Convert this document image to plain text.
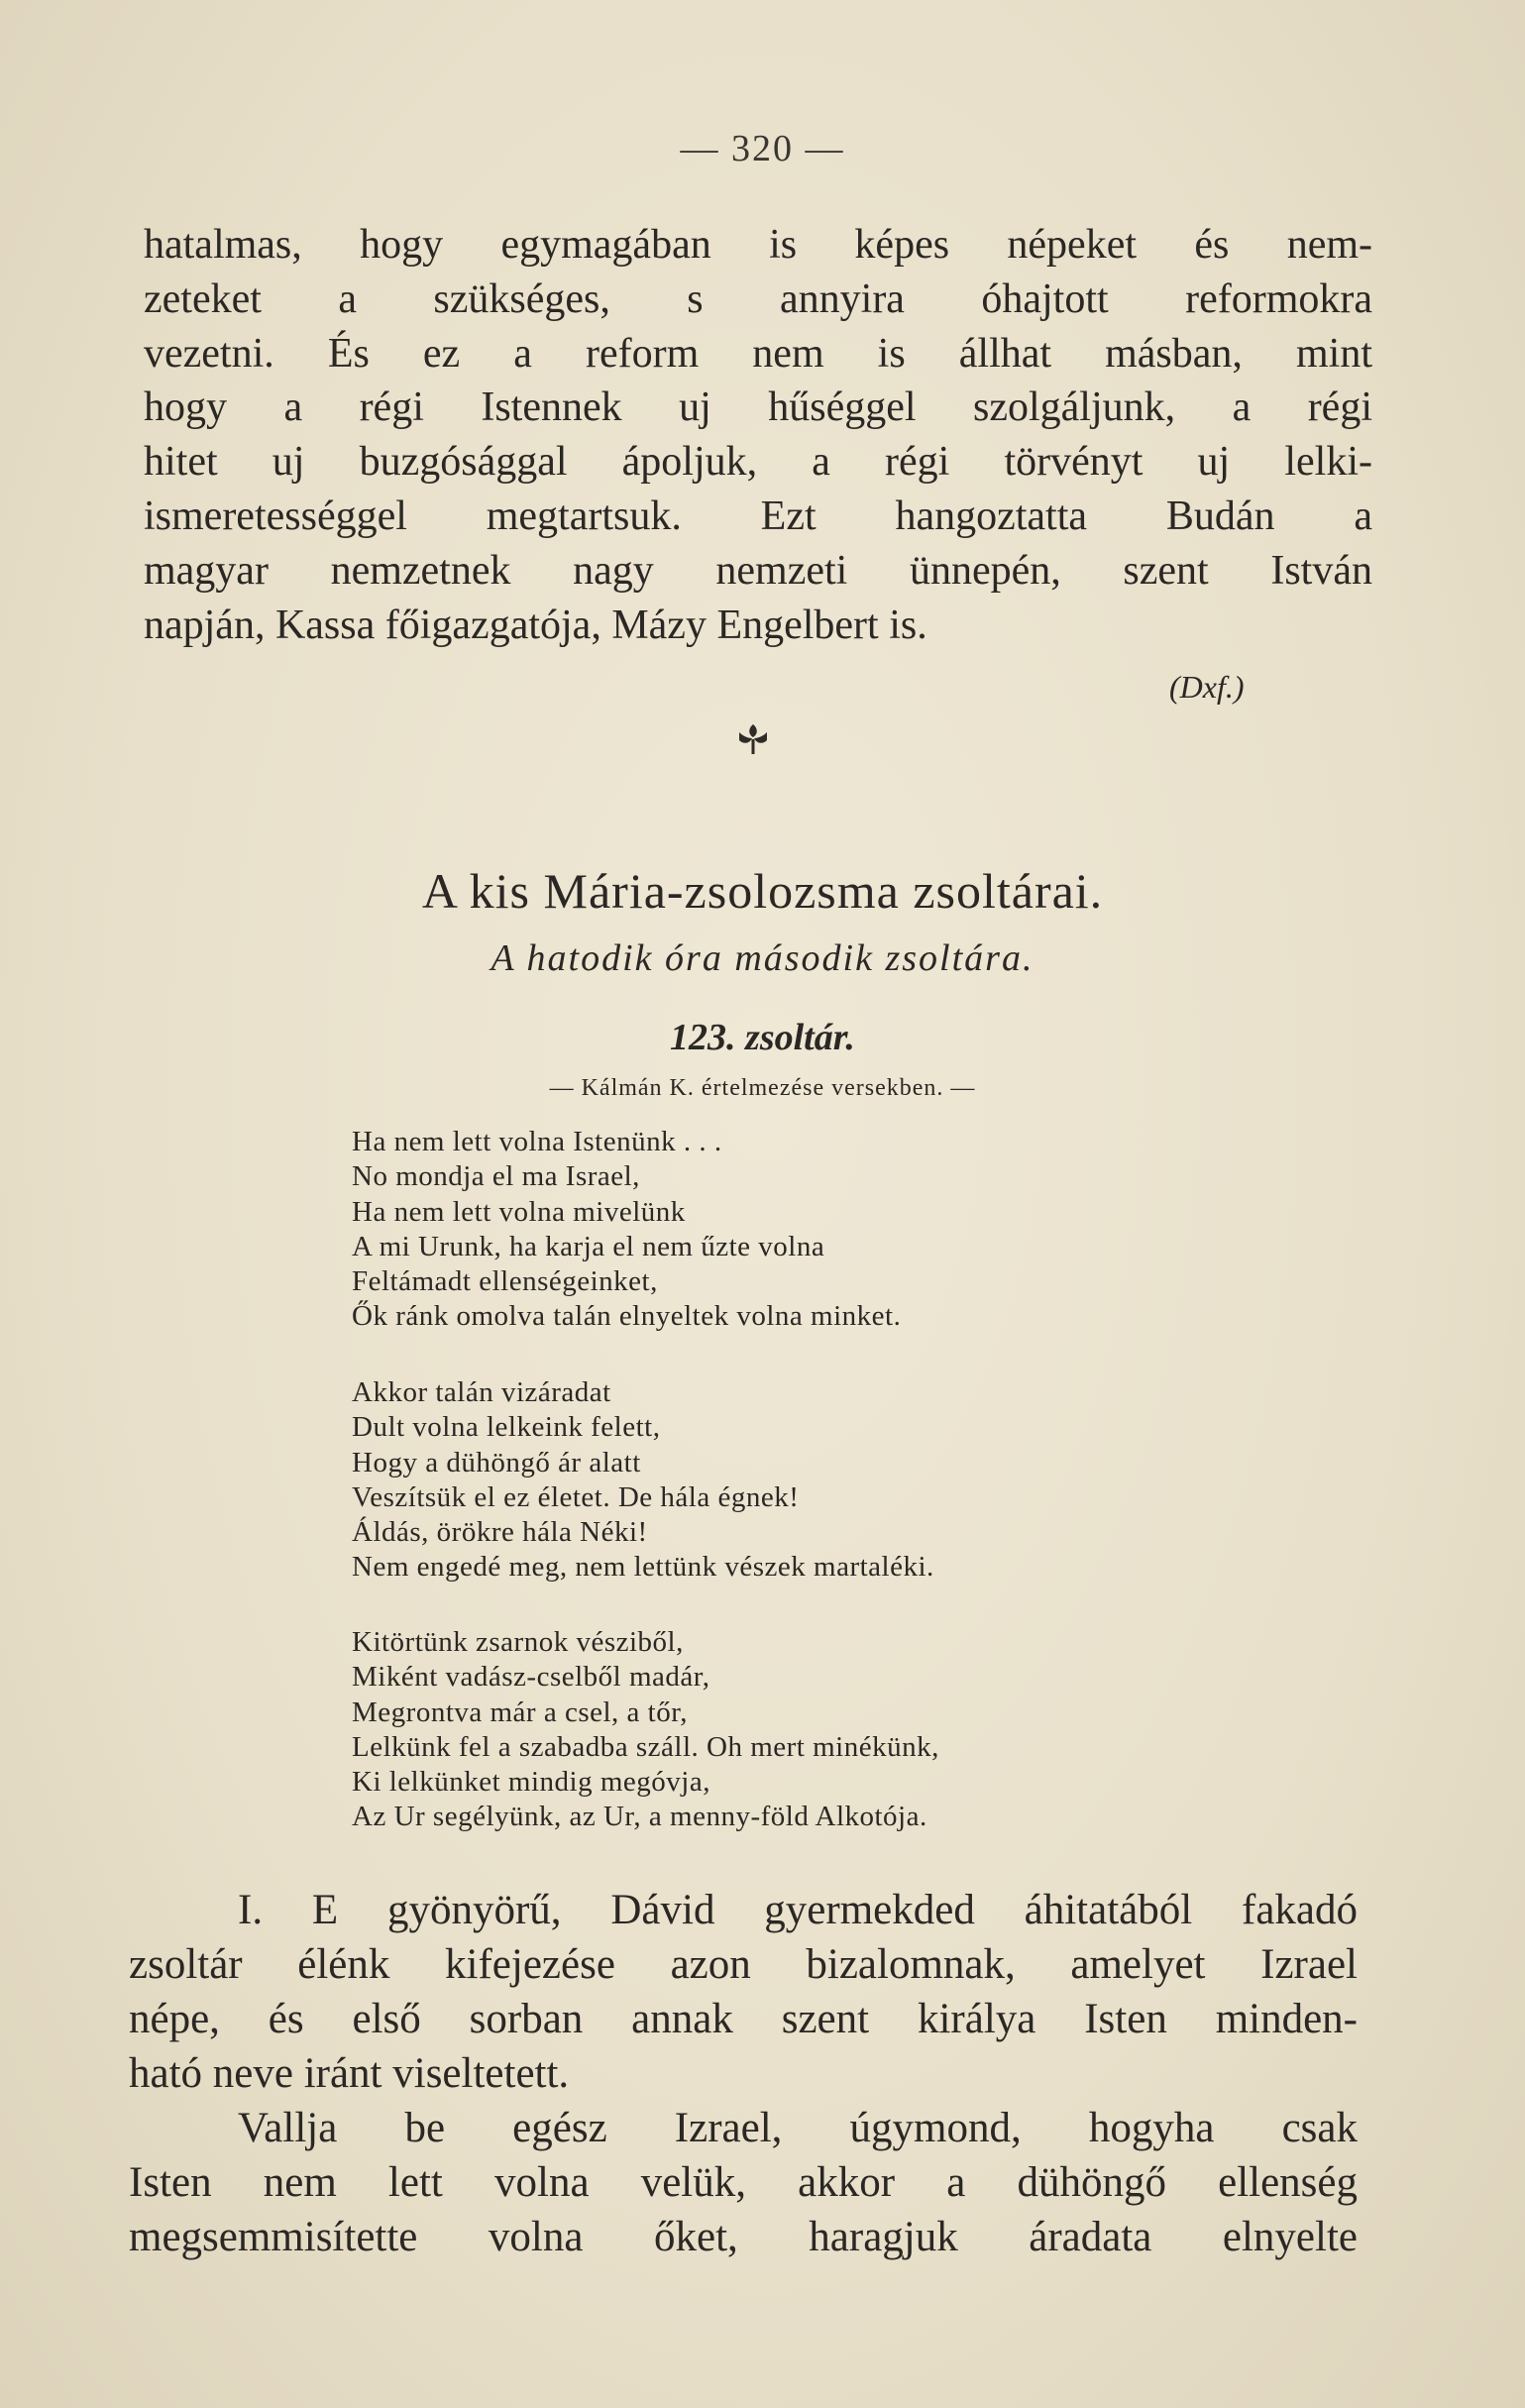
— 320 —
hatalmas, hogy egymagában is képes népeket és nem-
zeteket a szükséges, s annyira óhajtott reformokra
vezetni. És ez a reform nem is állhat másban, mint
hogy a régi Istennek uj hűséggel szolgáljunk, a régi
hitet uj buzgósággal ápoljuk, a régi törvényt uj lelki-
ismeretességgel megtartsuk. Ezt hangoztatta Budán a
magyar nemzetnek nagy nemzeti ünnepén, szent István
napján, Kassa főigazgatója, Mázy Engelbert is.
(Dxf.)
A kis Mária-zsolozsma zsoltárai.
A hatodik óra második zsoltára.
123. zsoltár.
— Kálmán K. értelmezése versekben. —
Ha nem lett volna Istenünk . . .
No mondja el ma Israel,
Ha nem lett volna mivelünk
A mi Urunk, ha karja el nem űzte volna
Feltámadt ellenségeinket,
Ők ránk omolva talán elnyeltek volna minket.
Akkor talán vizáradat
Dult volna lelkeink felett,
Hogy a dühöngő ár alatt
Veszítsük el ez életet. De hála égnek!
Áldás, örökre hála Néki!
Nem engedé meg, nem lettünk vészek martaléki.
Kitörtünk zsarnok vésziből,
Miként vadász-cselből madár,
Megrontva már a csel, a tőr,
Lelkünk fel a szabadba száll. Oh mert minékünk,
Ki lelkünket mindig megóvja,
Az Ur segélyünk, az Ur, a menny-föld Alkotója.
I. E gyönyörű, Dávid gyermekded áhitatából fakadó
zsoltár élénk kifejezése azon bizalomnak, amelyet Izrael
népe, és első sorban annak szent királya Isten minden-
ható neve iránt viseltetett.
Vallja be egész Izrael, úgymond, hogyha csak
Isten nem lett volna velük, akkor a dühöngő ellenség
megsemmisítette volna őket, haragjuk áradata elnyelte
